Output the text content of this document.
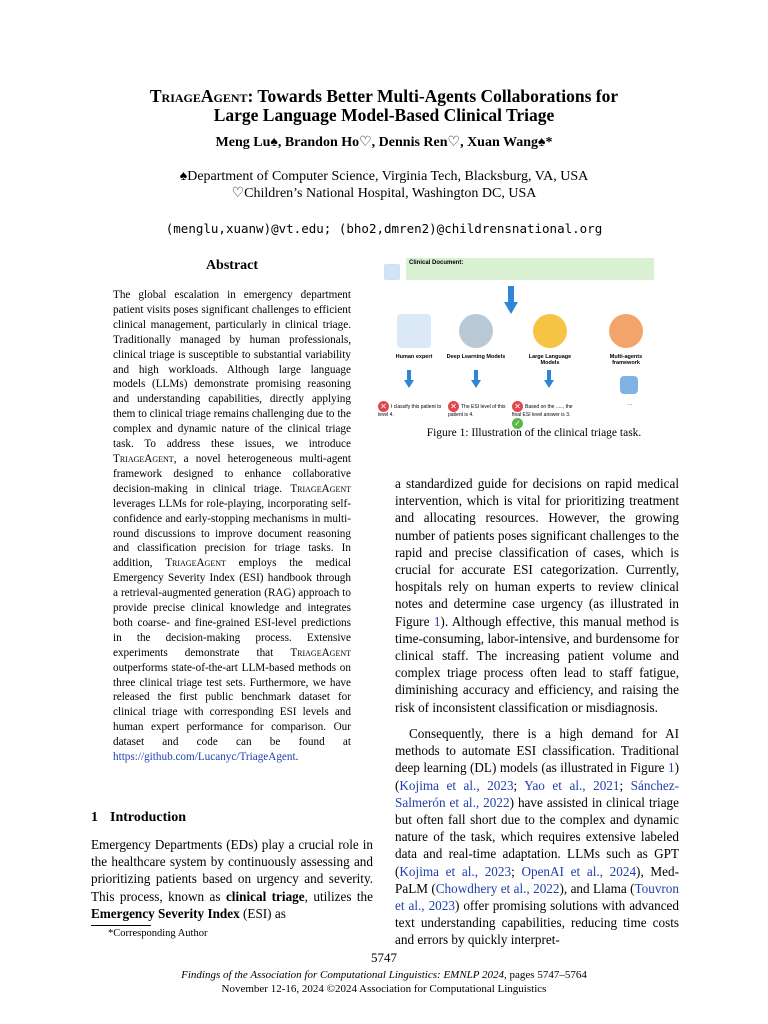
TriageAgent: Towards Better Multi-Agents Collaborations for
Large Language Model-Based Clinical Triage
Meng Lu♠, Brandon Ho♡, Dennis Ren♡, Xuan Wang♠*
♠Department of Computer Science, Virginia Tech, Blacksburg, VA, USA
♡Children’s National Hospital, Washington DC, USA
(menglu,xuanw)@vt.edu; (bho2,dmren2)@childrensnational.org
Abstract
The global escalation in emergency department patient visits poses significant challenges to efficient clinical management, particularly in clinical triage. Traditionally managed by human professionals, clinical triage is susceptible to substantial variability and high workloads. Although large language models (LLMs) demonstrate promising reasoning and understanding capabilities, directly applying them to clinical triage remains challenging due to the complex and dynamic nature of the clinical triage task. To address these issues, we introduce TriageAgent, a novel heterogeneous multi-agent framework designed to enhance collaborative decision-making in clinical triage. TriageAgent leverages LLMs for role-playing, incorporating self-confidence and early-stopping mechanisms in multi-round discussions to improve document reasoning and classification precision for triage tasks. In addition, TriageAgent employs the medical Emergency Severity Index (ESI) handbook through a retrieval-augmented generation (RAG) approach to provide precise clinical knowledge and integrates both coarse- and fine-grained ESI-level predictions in the decision-making process. Extensive experiments demonstrate that TriageAgent outperforms state-of-the-art LLM-based methods on three clinical triage test sets. Furthermore, we have released the first public benchmark dataset for clinical triage with corresponding ESI levels and human expert performance for comparison. Our dataset and code can be found at https://github.com/Lucanyc/TriageAgent.
1 Introduction
Emergency Departments (EDs) play a crucial role in the healthcare system by continuously assessing and prioritizing patients based on urgency and severity. This process, known as clinical triage, utilizes the Emergency Severity Index (ESI) as
*Corresponding Author
Clinical Document:
Human expert	Deep Learning Models	Large Language Models
Multi-agents framework
✕ I classify this patient to level 4.
✕ The ESI level of this patient is 4.
✕ Based on the ....., the final ESI level answer is 3.✓
...
Figure 1: Illustration of the clinical triage task.
a standardized guide for decisions on rapid medical intervention, which is vital for prioritizing treatment and allocating resources. However, the growing number of patients poses significant challenges to the rapid and precise classification of cases, which is crucial for accurate ESI categorization. Currently, hospitals rely on human experts to review clinical notes and determine case urgency (as illustrated in Figure 1). Although effective, this manual method is time-consuming, labor-intensive, and burdensome for clinical staff. The increasing patient volume and complex triage process often lead to staff fatigue, diminishing accuracy and efficiency, and raising the risk of inconsistent classification or misdiagnosis.
Consequently, there is a high demand for AI methods to automate ESI classification. Traditional deep learning (DL) models (as illustrated in Figure 1) (Kojima et al., 2023; Yao et al., 2021; Sánchez-Salmerón et al., 2022) have assisted in clinical triage but often fall short due to the complex and dynamic nature of the task, which requires extensive labeled data and real-time adaptation. LLMs such as GPT (Kojima et al., 2023; OpenAI et al., 2024), Med-PaLM (Chowdhery et al., 2022), and Llama (Touvron et al., 2023) offer promising solutions with advanced text understanding capabilities, reducing time costs and errors by quickly interpret-
5747
Findings of the Association for Computational Linguistics: EMNLP 2024, pages 5747–5764
November 12-16, 2024 ©2024 Association for Computational Linguistics
